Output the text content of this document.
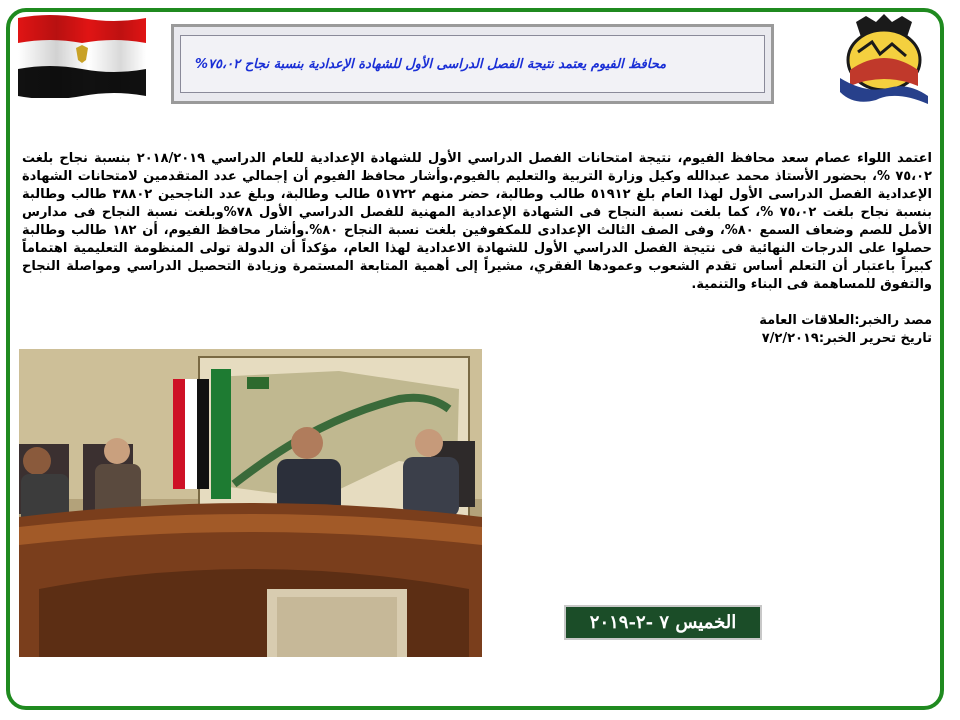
محافظ الفيوم يعتمد نتيجة الفصل الدراسى الأول للشهادة الإعدادية بنسبة نجاح ٧٥،٠٢%

اعتمد اللواء عصام سعد محافظ الفيوم، نتيجة امتحانات الفصل الدراسي الأول للشهادة الإعدادية للعام الدراسي ٢٠١٨/٢٠١٩ بنسبة نجاح بلغت ٧٥،٠٢ %، بحضور الأستاذ محمد عبدالله وكيل وزارة التربية والتعليم بالفيوم.وأشار محافظ الفيوم أن إجمالي عدد المتقدمين لامتحانات الشهادة الإعدادية الفصل الدراسى الأول لهذا العام بلغ ٥١٩١٢ طالب وطالبة، حضر منهم ٥١٧٢٢ طالب وطالبة، وبلغ عدد الناجحين ٣٨٨٠٢ طالب وطالبة بنسبة نجاح بلغت ٧٥،٠٢ %، كما بلغت نسبة النجاح فى الشهادة الإعدادية المهنية للفصل الدراسي الأول ٧٨%وبلغت نسبة النجاح فى مدارس الأمل للصم وضعاف السمع ٨٠%، وفى الصف الثالث الإعدادى للمكفوفين بلغت نسبة النجاح ٨٠%.وأشار محافظ الفيوم، أن ١٨٢ طالب وطالبة حصلوا على الدرجات النهائية فى نتيجة الفصل الدراسي الأول للشهادة الاعدادية لهذا العام، مؤكداً أن الدولة تولى المنظومة التعليمية اهتماماً كبيراً باعتبار أن التعلم أساس تقدم الشعوب وعمودها الفقري، مشيراً إلى أهمية المتابعة المستمرة وزيادة التحصيل الدراسي ومواصلة النجاح والتفوق للمساهمة فى البناء والتنمية.

مصد رالخبر:العلاقات العامة
تاريخ تحرير الخبر:٧/٢/٢٠١٩
الخميس ٧ -٢-٢٠١٩
